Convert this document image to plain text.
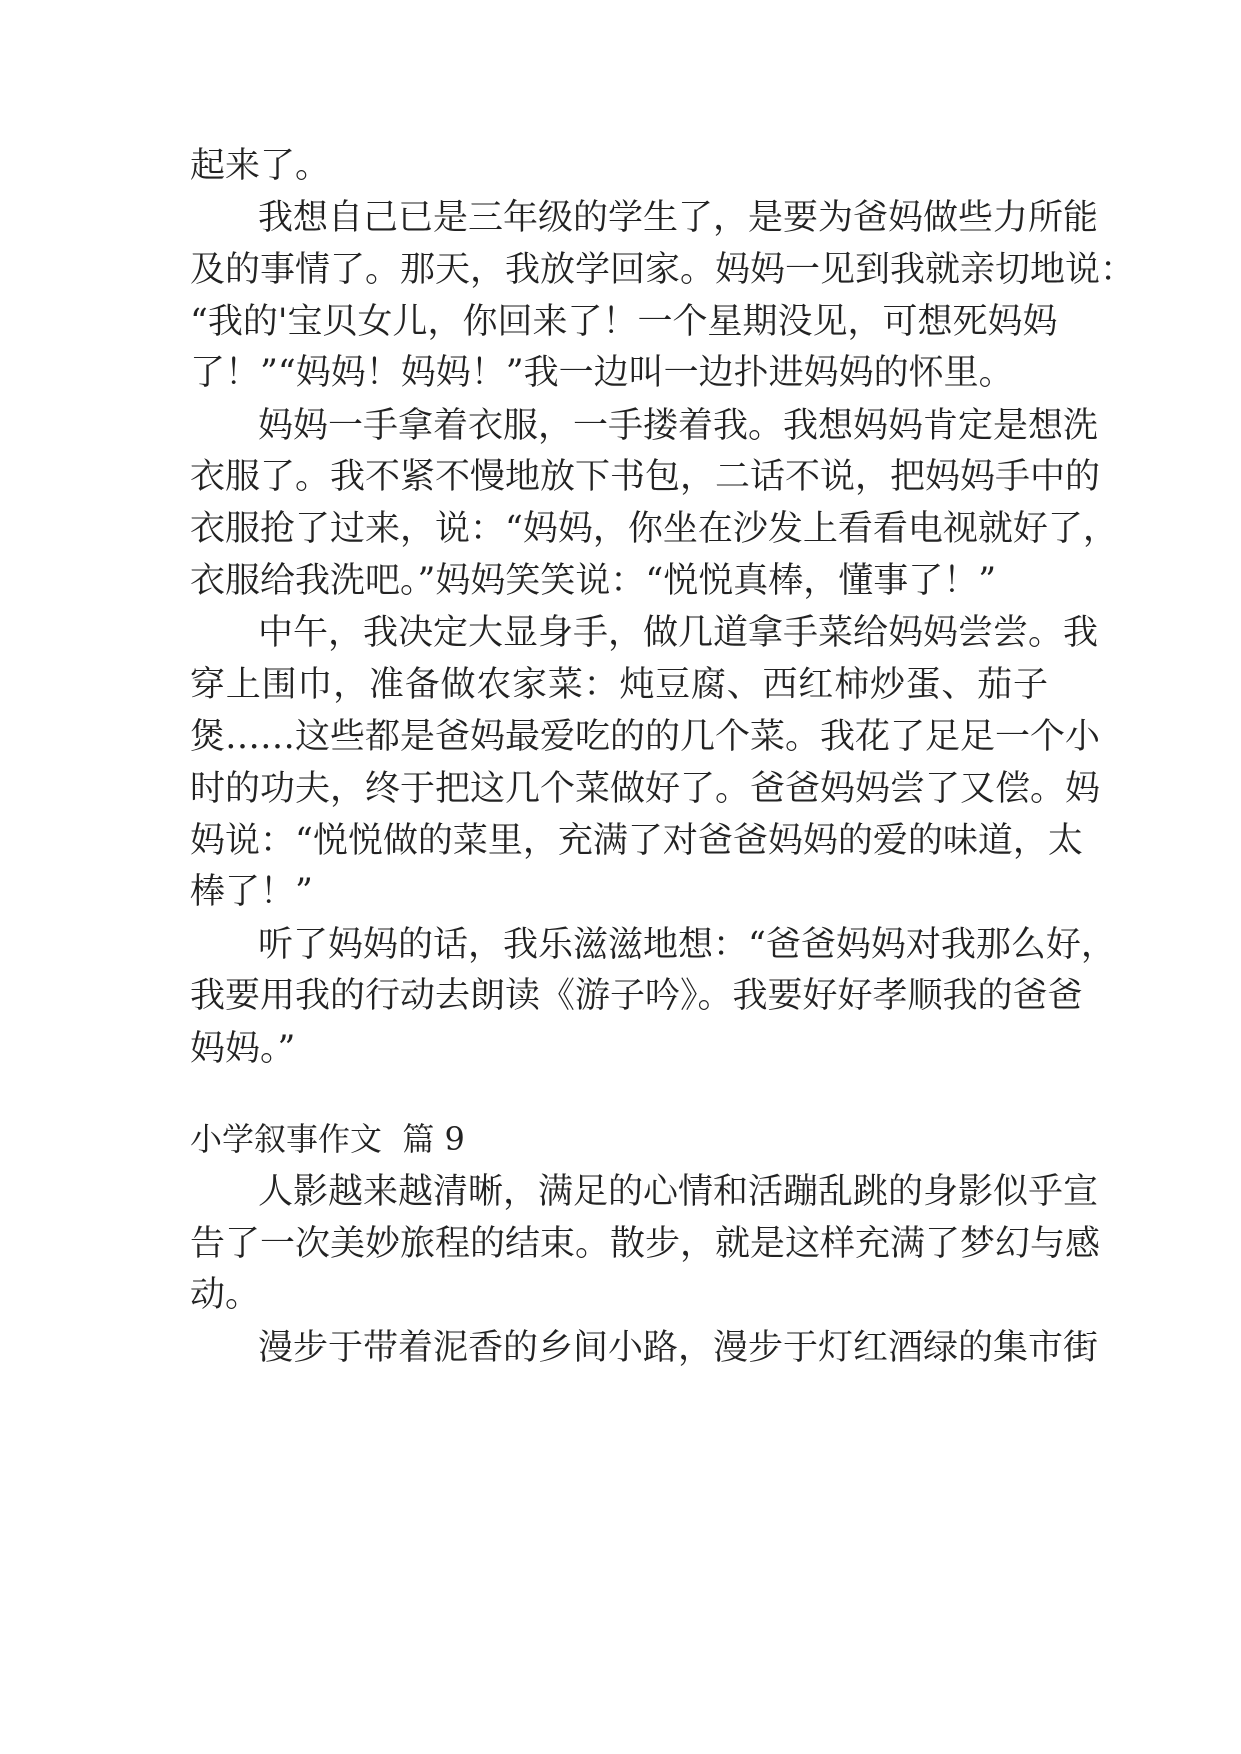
起来了。
我想自己已是三年级的学生了，是要为爸妈做些力所能
及的事情了。那天，我放学回家。妈妈一见到我就亲切地说：
“我的'宝贝女儿，你回来了！一个星期没见，可想死妈妈
了！”“妈妈！妈妈！”我一边叫一边扑进妈妈的怀里。
妈妈一手拿着衣服，一手搂着我。我想妈妈肯定是想洗
衣服了。我不紧不慢地放下书包，二话不说，把妈妈手中的
衣服抢了过来，说：“妈妈，你坐在沙发上看看电视就好了，
衣服给我洗吧。”妈妈笑笑说：“悦悦真棒，懂事了！”
中午，我决定大显身手，做几道拿手菜给妈妈尝尝。我
穿上围巾，准备做农家菜：炖豆腐、西红柿炒蛋、茄子
煲……这些都是爸妈最爱吃的的几个菜。我花了足足一个小
时的功夫，终于把这几个菜做好了。爸爸妈妈尝了又偿。妈
妈说：“悦悦做的菜里，充满了对爸爸妈妈的爱的味道，太
棒了！”
听了妈妈的话，我乐滋滋地想：“爸爸妈妈对我那么好，
我要用我的行动去朗读《游子吟》。我要好好孝顺我的爸爸
妈妈。”
小学叙事作文  篇 9
人影越来越清晰，满足的心情和活蹦乱跳的身影似乎宣
告了一次美妙旅程的结束。散步，就是这样充满了梦幻与感
动。
漫步于带着泥香的乡间小路，漫步于灯红酒绿的集市街
